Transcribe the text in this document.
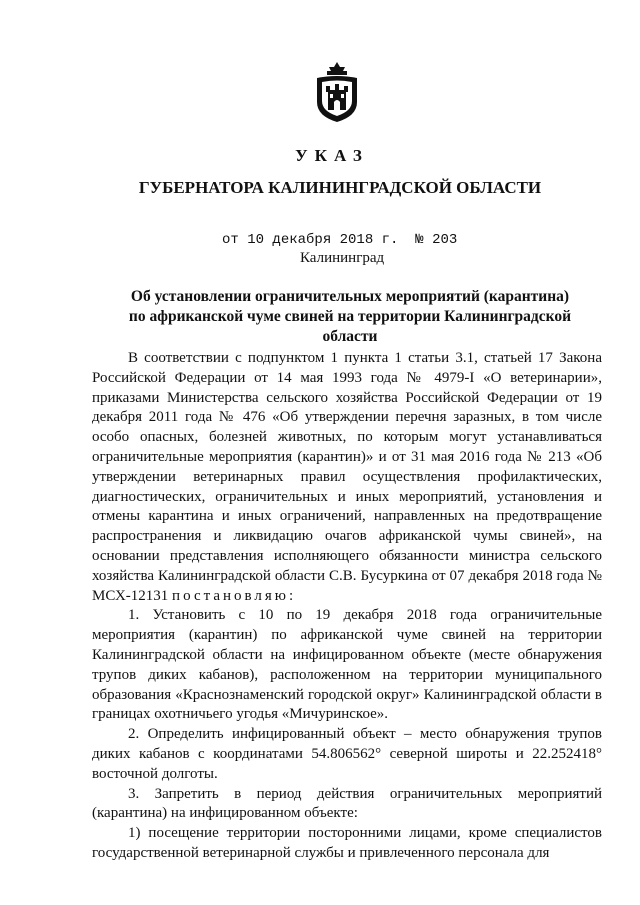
УКАЗ
ГУБЕРНАТОРА КАЛИНИНГРАДСКОЙ ОБЛАСТИ
от 10 декабря 2018 г. № 203
Калининград
Об установлении ограничительных мероприятий (карантина)
по африканской чуме свиней на территории Калининградской области

В соответствии с подпунктом 1 пункта 1 статьи 3.1, статьей 17 Закона Российской Федерации от 14 мая 1993 года № 4979-I «О ветеринарии», приказами Министерства сельского хозяйства Российской Федерации от 19 декабря 2011 года № 476 «Об утверждении перечня заразных, в том числе особо опасных, болезней животных, по которым могут устанавливаться ограничительные мероприятия (карантин)» и от 31 мая 2016 года № 213 «Об утверждении ветеринарных правил осуществления профилактических, диагностических, ограничительных и иных мероприятий, установления и отмены карантина и иных ограничений, направленных на предотвращение распространения и ликвидацию очагов африканской чумы свиней», на основании представления исполняющего обязанности министра сельского хозяйства Калининградской области С.В. Бусуркина от 07 декабря 2018 года № МСХ-12131 постановляю:

1. Установить с 10 по 19 декабря 2018 года ограничительные мероприятия (карантин) по африканской чуме свиней на территории Калининградской области на инфицированном объекте (месте обнаружения трупов диких кабанов), расположенном на территории муниципального образования «Краснознаменский городской округ» Калининградской области в границах охотничьего угодья «Мичуринское».

2. Определить инфицированный объект – место обнаружения трупов диких кабанов с координатами 54.806562° северной широты и 22.252418° восточной долготы.

3. Запретить в период действия ограничительных мероприятий (карантина) на инфицированном объекте:

1) посещение территории посторонними лицами, кроме специалистов государственной ветеринарной службы и привлеченного персонала для
